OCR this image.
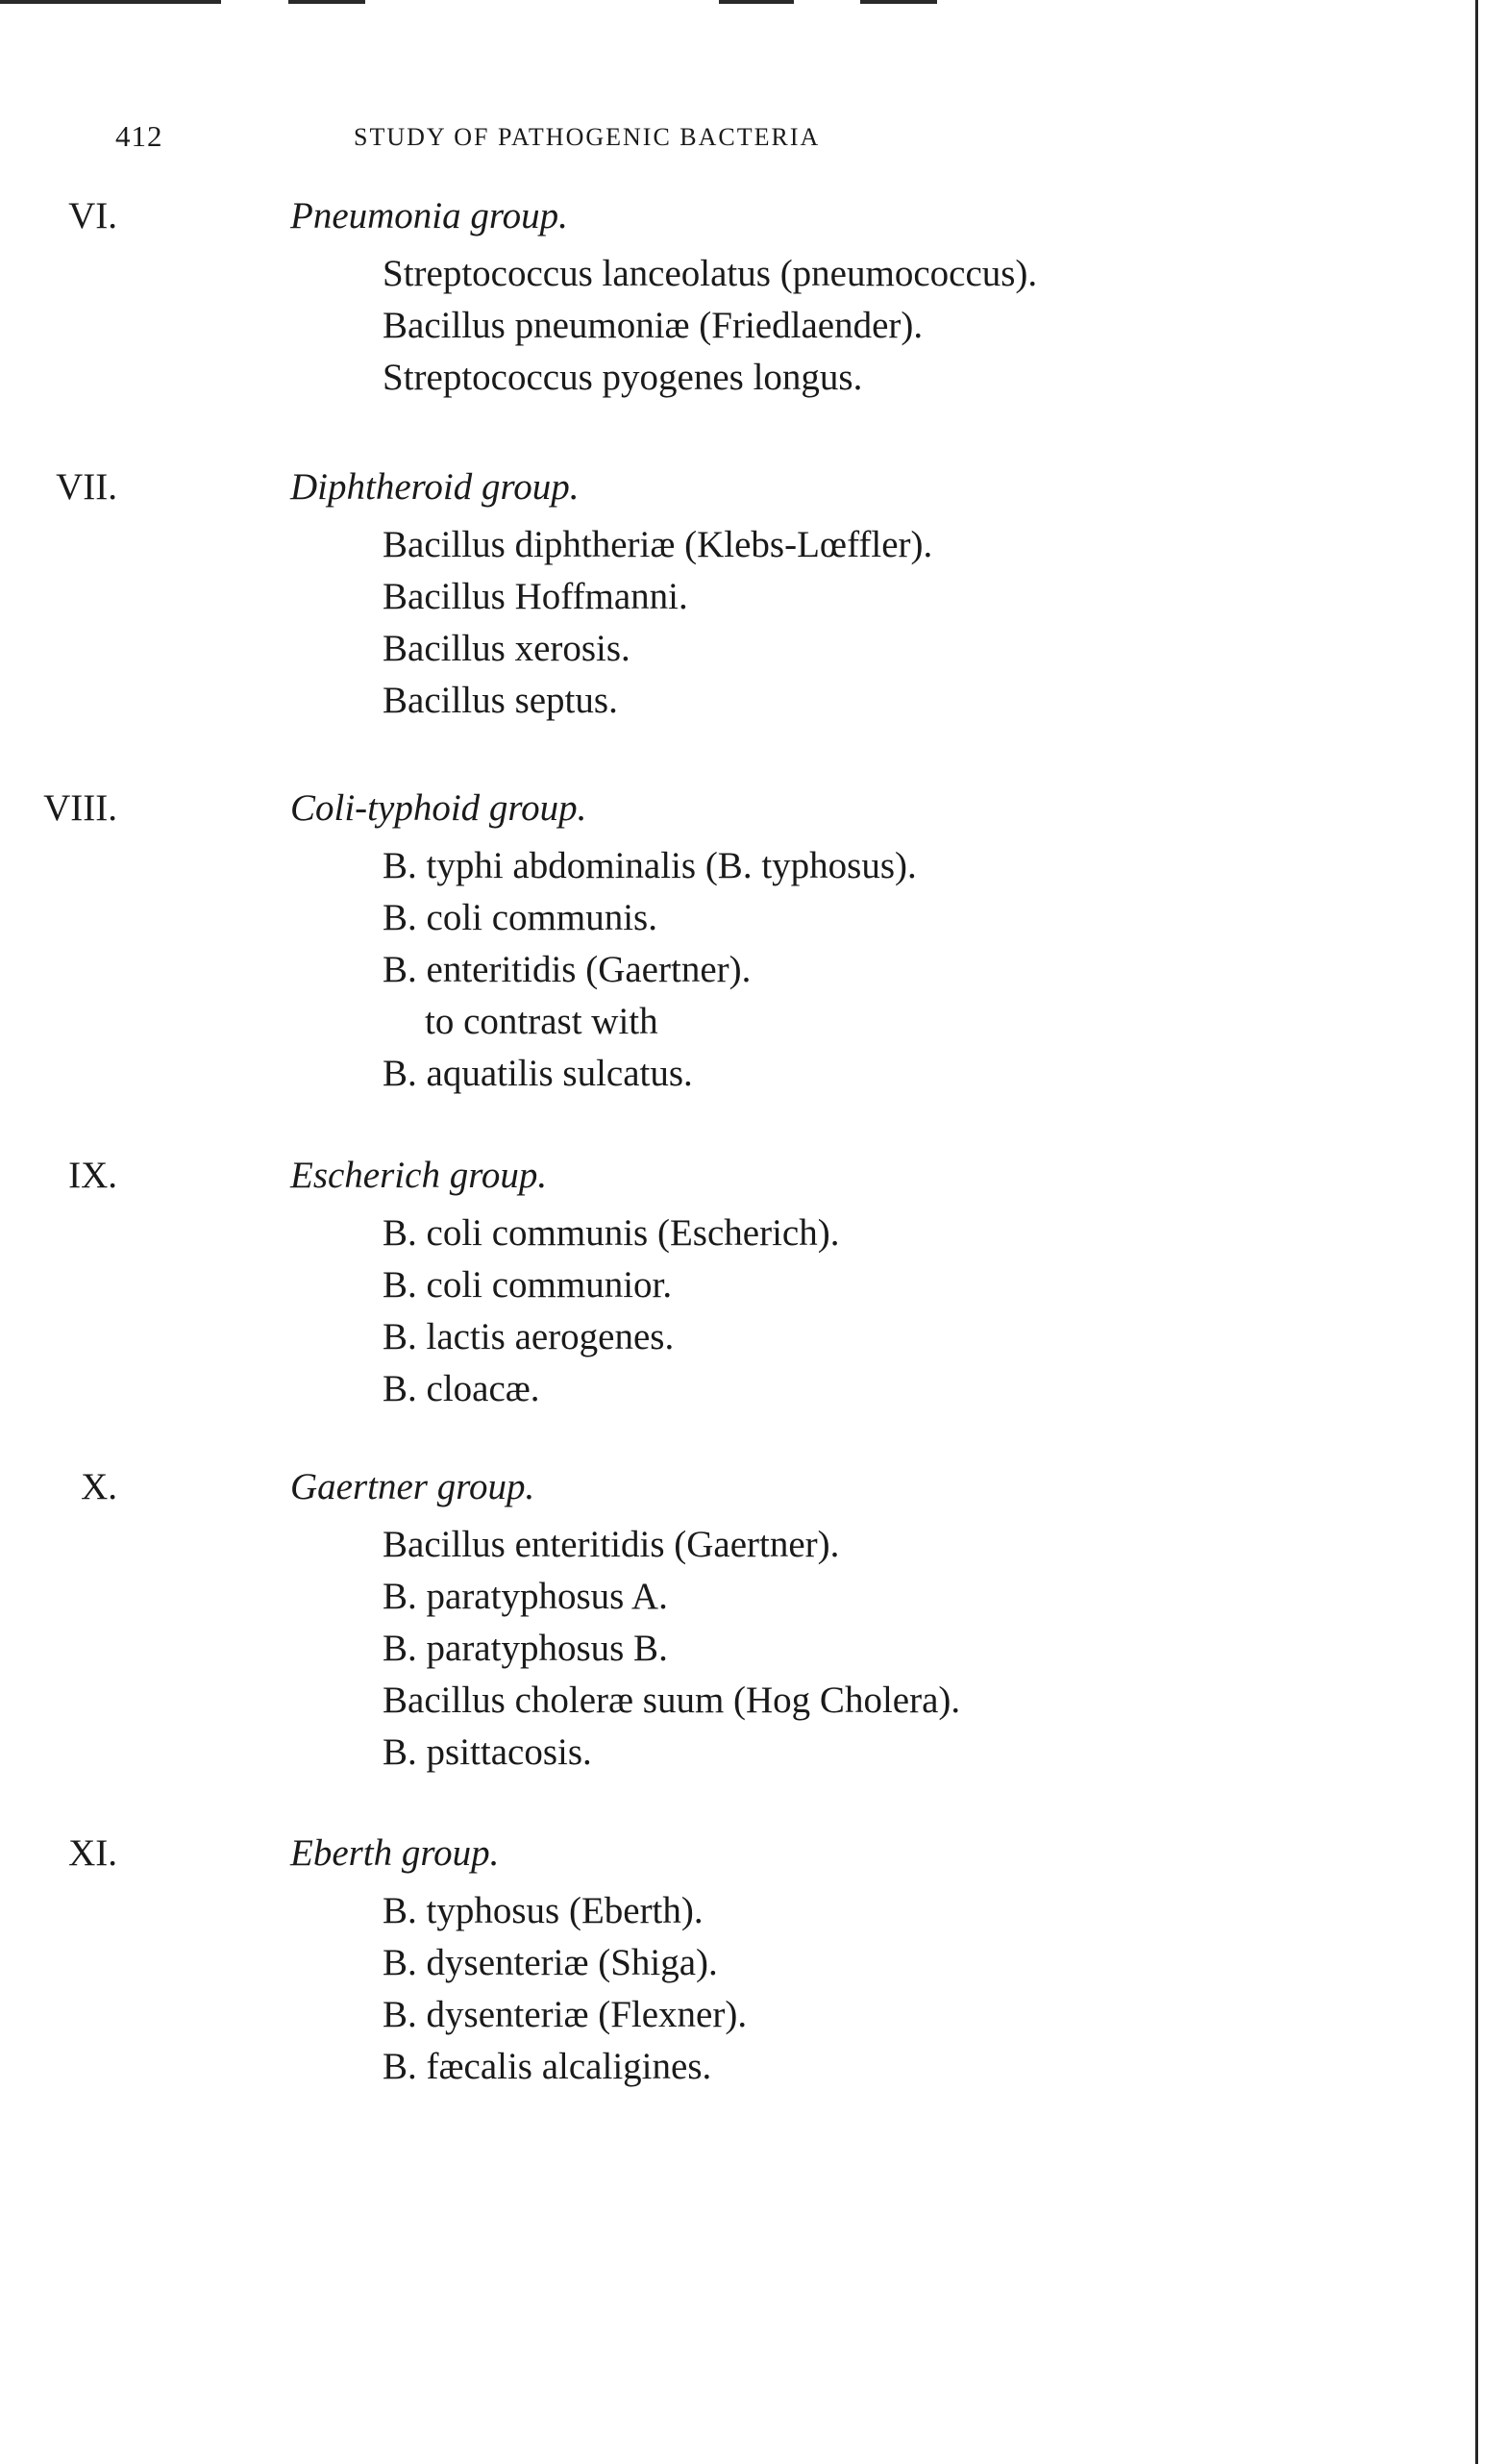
412	STUDY OF PATHOGENIC BACTERIA
VI.	Pneumonia group.
Streptococcus lanceolatus (pneumococcus).
Bacillus pneumoniæ (Friedlaender).
Streptococcus pyogenes longus.
VII.	Diphtheroid group.
Bacillus diphtheriæ (Klebs-Lœffler).
Bacillus Hoffmanni.
Bacillus xerosis.
Bacillus septus.
VIII.	Coli-typhoid group.
B. typhi abdominalis (B. typhosus).
B. coli communis.
B. enteritidis (Gaertner).
to contrast with
B. aquatilis sulcatus.
IX.	Escherich group.
B. coli communis (Escherich).
B. coli communior.
B. lactis aerogenes.
B. cloacæ.
X.	Gaertner group.
Bacillus enteritidis (Gaertner).
B. paratyphosus A.
B. paratyphosus B.
Bacillus choleræ suum (Hog Cholera).
B. psittacosis.
XI.	Eberth group.
B. typhosus (Eberth).
B. dysenteriæ (Shiga).
B. dysenteriæ (Flexner).
B. fæcalis alcaligines.
